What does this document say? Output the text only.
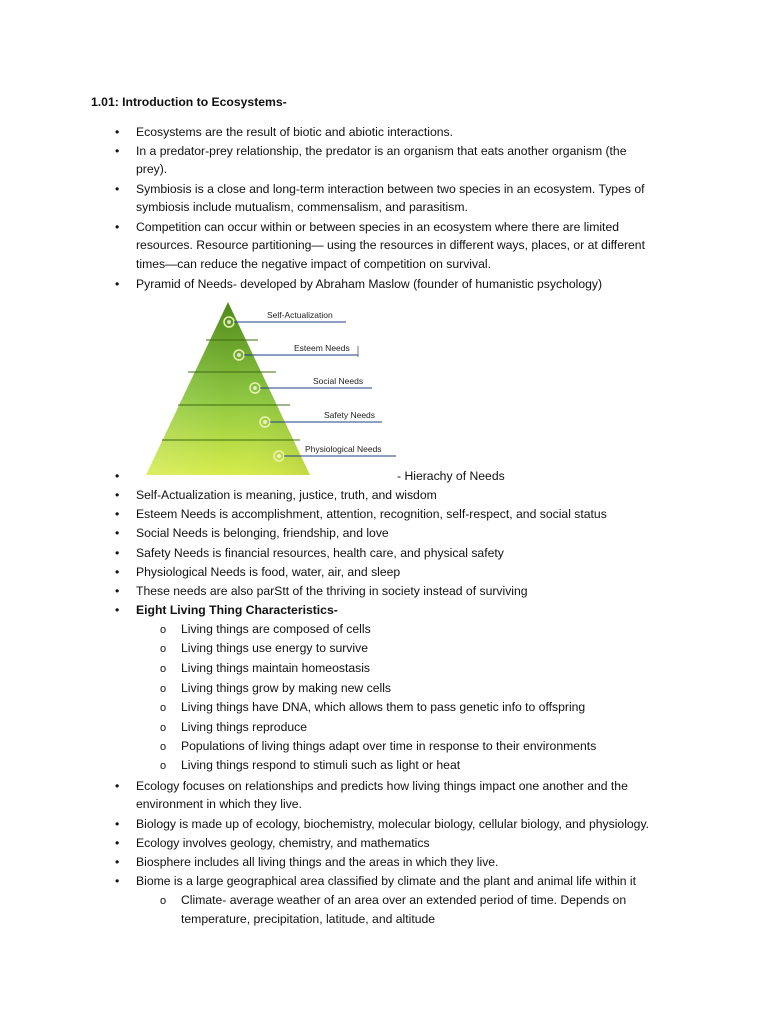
1.01: Introduction to Ecosystems-
• Ecosystems are the result of biotic and abiotic interactions.
• In a predator-prey relationship, the predator is an organism that eats another organism (the
prey).
• Symbiosis is a close and long-term interaction between two species in an ecosystem. Types of
symbiosis include mutualism, commensalism, and parasitism.
• Competition can occur within or between species in an ecosystem where there are limited
resources. Resource partitioning— using the resources in different ways, places, or at different
times—can reduce the negative impact of competition on survival.
• Pyramid of Needs- developed by Abraham Maslow (founder of humanistic psychology)
Self-Actualization
Esteem Needs
Social Needs
Safety Needs
Physiological Needs
•	- Hierachy of Needs
• Self-Actualization is meaning, justice, truth, and wisdom
• Esteem Needs is accomplishment, attention, recognition, self-respect, and social status
• Social Needs is belonging, friendship, and love
• Safety Needs is financial resources, health care, and physical safety
• Physiological Needs is food, water, air, and sleep
• These needs are also parStt of the thriving in society instead of surviving
• Eight Living Thing Characteristics-
o Living things are composed of cells
o Living things use energy to survive
o Living things maintain homeostasis
o Living things grow by making new cells
o Living things have DNA, which allows them to pass genetic info to offspring
o Living things reproduce
o Populations of living things adapt over time in response to their environments
o Living things respond to stimuli such as light or heat
• Ecology focuses on relationships and predicts how living things impact one another and the
environment in which they live.
• Biology is made up of ecology, biochemistry, molecular biology, cellular biology, and physiology.
• Ecology involves geology, chemistry, and mathematics
• Biosphere includes all living things and the areas in which they live.
• Biome is a large geographical area classified by climate and the plant and animal life within it
o Climate- average weather of an area over an extended period of time. Depends on
temperature, precipitation, latitude, and altitude
